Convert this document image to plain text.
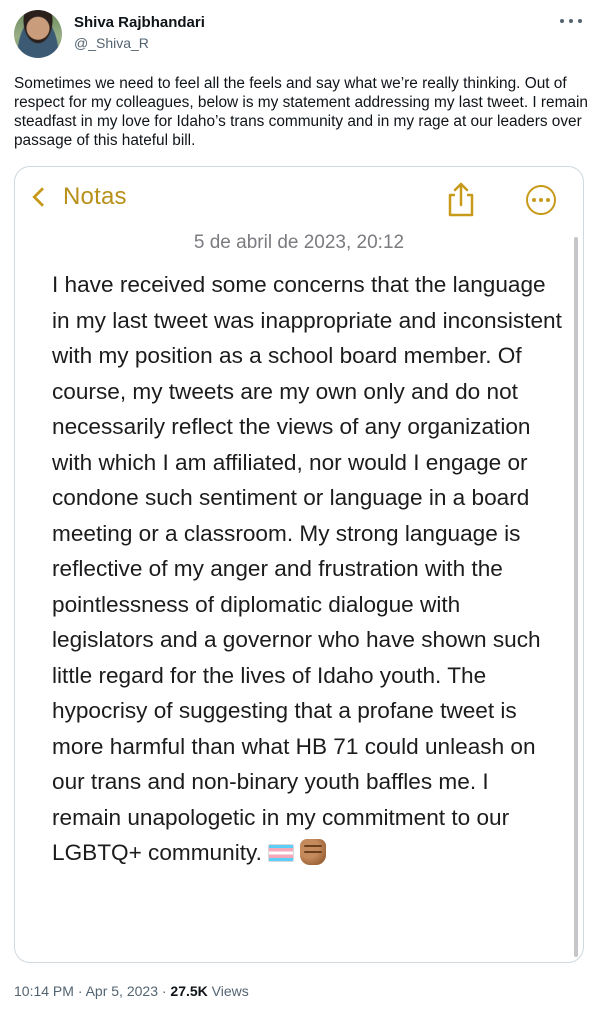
Shiva Rajbhandari
@_Shiva_R
Sometimes we need to feel all the feels and say what we’re really thinking. Out of respect for my colleagues, below is my statement addressing my last tweet. I remain steadfast in my love for Idaho’s trans community and in my rage at our leaders over passage of this hateful bill.
Notas
5 de abril de 2023, 20:12
I have received some concerns that the language in my last tweet was inappropriate and inconsistent with my position as a school board member. Of course, my tweets are my own only and do not necessarily reflect the views of any organization with which I am affiliated, nor would I engage or condone such sentiment or language in a board meeting or a classroom. My strong language is reflective of my anger and frustration with the pointlessness of diplomatic dialogue with legislators and a governor who have shown such little regard for the lives of Idaho youth. The hypocrisy of suggesting that a profane tweet is more harmful than what HB 71 could unleash on our trans and non-binary youth baffles me. I remain unapologetic in my commitment to our LGBTQ+ community.
10:14 PM · Apr 5, 2023 · 27.5K Views
